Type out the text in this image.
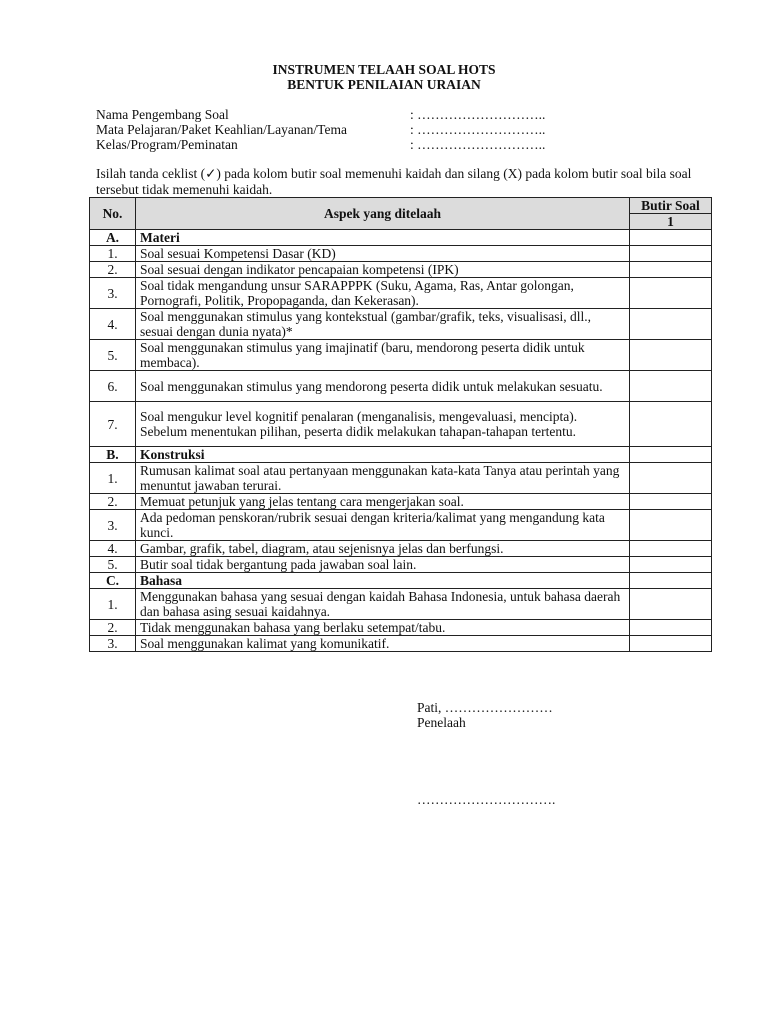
INSTRUMEN TELAAH SOAL HOTS
BENTUK PENILAIAN URAIAN
Nama Pengembang Soal	: ………………………..
Mata Pelajaran/Paket Keahlian/Layanan/Tema	: ………………………..
Kelas/Program/Peminatan	: ………………………..
Isilah tanda ceklist (✓) pada kolom butir soal memenuhi kaidah dan silang (X) pada kolom butir soal bila soal tersebut tidak memenuhi kaidah.
No.	Aspek yang ditelaah	Butir Soal
		1
A.	Materi	
1.	Soal sesuai Kompetensi Dasar (KD)	
2.	Soal sesuai dengan indikator pencapaian kompetensi (IPK)	
3.	Soal tidak mengandung unsur SARAPPPK (Suku, Agama, Ras, Antar golongan, Pornografi, Politik, Propopaganda, dan Kekerasan).	
4.	Soal menggunakan stimulus yang kontekstual (gambar/grafik, teks, visualisasi, dll., sesuai dengan dunia nyata)*	
5.	Soal menggunakan stimulus yang imajinatif (baru, mendorong peserta didik untuk membaca).	
6.	Soal menggunakan stimulus yang mendorong peserta didik untuk melakukan sesuatu.	
7.	Soal mengukur level kognitif penalaran (menganalisis, mengevaluasi, mencipta). Sebelum menentukan pilihan, peserta didik melakukan tahapan-tahapan tertentu.	
B.	Konstruksi	
1.	Rumusan kalimat soal atau pertanyaan menggunakan kata-kata Tanya atau perintah yang menuntut jawaban terurai.	
2.	Memuat petunjuk yang jelas tentang cara mengerjakan soal.	
3.	Ada pedoman penskoran/rubrik sesuai dengan kriteria/kalimat yang mengandung kata kunci.	
4.	Gambar, grafik, tabel, diagram, atau sejenisnya jelas dan berfungsi.	
5.	Butir soal tidak bergantung pada jawaban soal lain.	
C.	Bahasa	
1.	Menggunakan bahasa yang sesuai dengan kaidah Bahasa Indonesia, untuk bahasa daerah dan bahasa asing sesuai kaidahnya.	
2.	Tidak menggunakan bahasa yang berlaku setempat/tabu.	
3.	Soal menggunakan kalimat yang komunikatif.	
Pati, ……………………
Penelaah
………………………….
